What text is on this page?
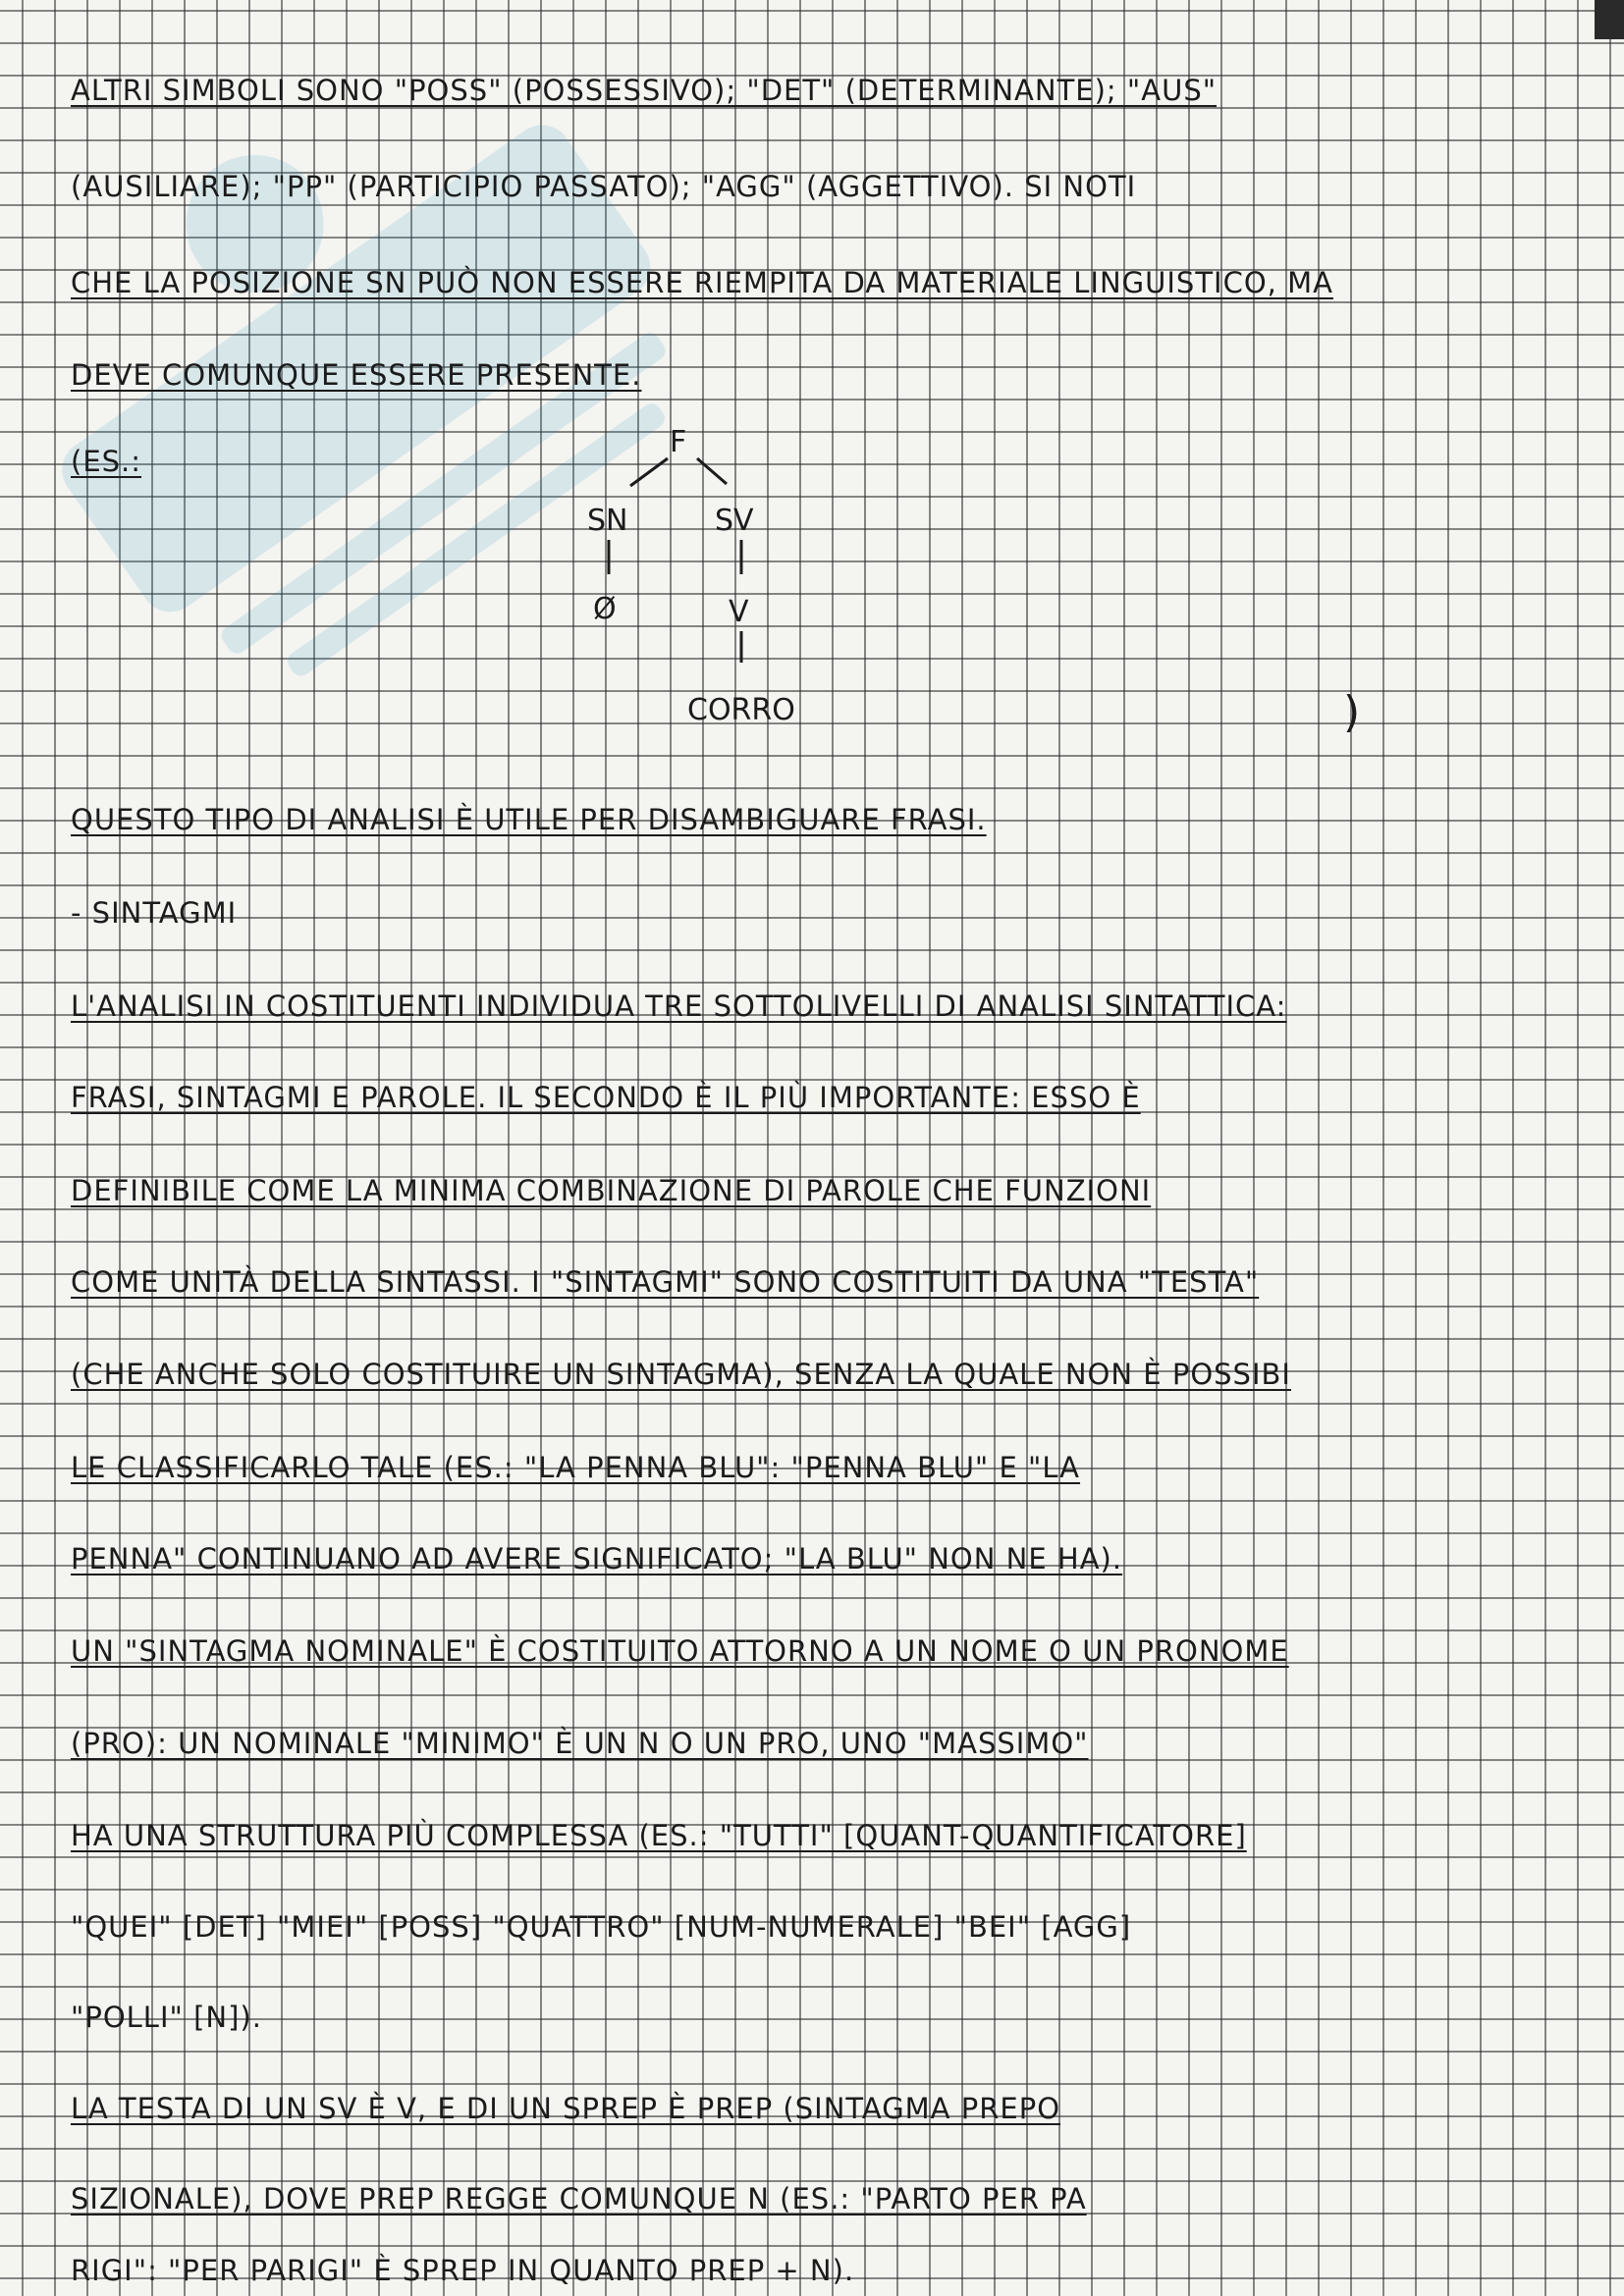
ALTRI SIMBOLI SONO "POSS" (POSSESSIVO); "DET" (DETERMINANTE); "AUS"
(AUSILIARE); "PP" (PARTICIPIO PASSATO); "AGG" (AGGETTIVO). SI NOTI
CHE LA POSIZIONE SN PUÒ NON ESSERE RIEMPITA DA MATERIALE LINGUISTICO, MA
DEVE COMUNQUE ESSERE PRESENTE.
(ES.:
F
SN	SV
Ø	V
CORRO	)
QUESTO TIPO DI ANALISI È UTILE PER DISAMBIGUARE FRASI.
- SINTAGMI
L'ANALISI IN COSTITUENTI INDIVIDUA TRE SOTTOLIVELLI DI ANALISI SINTATTICA:
FRASI, SINTAGMI E PAROLE. IL SECONDO È IL PIÙ IMPORTANTE: ESSO È
DEFINIBILE COME LA MINIMA COMBINAZIONE DI PAROLE CHE FUNZIONI
COME UNITÀ DELLA SINTASSI. I "SINTAGMI" SONO COSTITUITI DA UNA "TESTA"
(CHE ANCHE SOLO COSTITUIRE UN SINTAGMA), SENZA LA QUALE NON È POSSIBI
LE CLASSIFICARLO TALE (ES.: "LA PENNA BLU": "PENNA BLU" E "LA
PENNA" CONTINUANO AD AVERE SIGNIFICATO; "LA BLU" NON NE HA).
UN "SINTAGMA NOMINALE" È COSTITUITO ATTORNO A UN NOME O UN PRONOME
(PRO): UN NOMINALE "MINIMO" È UN N O UN PRO, UNO "MASSIMO"
HA UNA STRUTTURA PIÙ COMPLESSA (ES.: "TUTTI" [QUANT-QUANTIFICATORE]
"QUEI" [DET] "MIEI" [POSS] "QUATTRO" [NUM-NUMERALE] "BEI" [AGG]
"POLLI" [N]).
LA TESTA DI UN SV È V, E DI UN SPREP È PREP (SINTAGMA PREPO
SIZIONALE), DOVE PREP REGGE COMUNQUE N (ES.: "PARTO PER PA
RIGI": "PER PARIGI" È SPREP IN QUANTO PREP + N).
